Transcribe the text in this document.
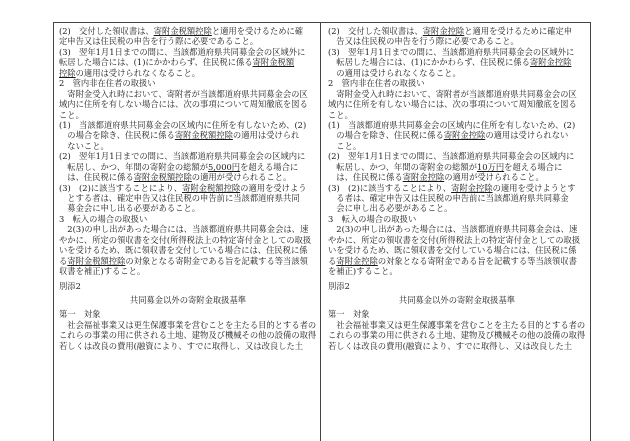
(2)　交付した領収書は、寄附金税額控除と適用を受けるために確
定申告又は住民税の申告を行う際に必要であること。
(3)　翌年1月1日までの間に、当該都道府県共同募金会の区域外に
転居した場合には、(1)にかかわらず、住民税に係る寄附金税額
控除の適用は受けられなくなること。
2　管内非在住者の取扱い
　寄附金受入れ時において、寄附者が当該都道府県共同募金会の区
域内に住所を有しない場合には、次の事項について周知徹底を図る
こと。
(1)　当該都道府県共同募金会の区域内に住所を有しないため、(2)
　の場合を除き、住民税に係る寄附金税額控除の適用は受けられ
　ないこと。
(2)　翌年1月1日までの間に、当該都道府県共同募金会の区域内に
　転居し、かつ、年間の寄附金の総額が5,000円を超える場合に
　は、住民税に係る寄附金税額控除の適用が受けられること。
(3)　(2)に該当することにより、寄附金税額控除の適用を受けよう
　とする者は、確定申告又は住民税の申告前に当該都道府県共同
　募金会に申し出る必要があること。
3　転入の場合の取扱い
　2(3)の申し出があった場合には、当該都道府県共同募金会は、速
やかに、所定の領収書を交付(所得税法上の特定寄付金としての取扱
いを受けるため、既に領収書を交付している場合には、住民税に係
る寄附金税額控除の対象となる寄附金である旨を記載する等当該領
収書を補正)すること。
別添2
共同募金以外の寄附金取扱基準
第一　対象
　社会福祉事業又は更生保護事業を営むことを主たる目的とする者の
これらの事業の用に供される土地、建物及び機械その他の設備の取得
若しくは改良の費用(融資により、すでに取得し、又は改良した土
(2)　交付した領収書は、寄附金控除と適用を受けるために確定申
　告又は住民税の申告を行う際に必要であること。
(3)　翌年1月1日までの間に、当該都道府県共同募金会の区域外に
　転居した場合には、(1)にかかわらず、住民税に係る寄附金控除
　の適用は受けられなくなること。
2　管内非在住者の取扱い
　寄附金受入れ時において、寄附者が当該都道府県共同募金会の区
域内に住所を有しない場合には、次の事項について周知徹底を図る
こと。
(1)　当該都道府県共同募金会の区域内に住所を有しないため、(2)
　の場合を除き、住民税に係る寄附金控除の適用は受けられない
　こと。
(2)　翌年1月1日までの間に、当該都道府県共同募金会の区域内に
　転居し、かつ、年間の寄附金の総額が10万円を超える場合に
　は、住民税に係る寄附金控除の適用が受けられること。
(3)　(2)に該当することにより、寄附金控除の適用を受けようとす
　る者は、確定申告又は住民税の申告前に当該都道府県共同募金
　会に申し出る必要があること。
3　転入の場合の取扱い
　2(3)の申し出があった場合には、当該都道府県共同募金会は、速
やかに、所定の領収書を交付(所得税法上の特定寄付金としての取扱
いを受けるため、既に領収書を交付している場合には、住民税に係
る寄附金控除の対象となる寄附金である旨を記載する等当該領収書
を補正)すること。
別添2
共同募金以外の寄附金取扱基準
第一　対象
　社会福祉事業又は更生保護事業を営むことを主たる目的とする者の
これらの事業の用に供される土地、建物及び機械その他の設備の取得
若しくは改良の費用(融資により、すでに取得し、又は改良した土
